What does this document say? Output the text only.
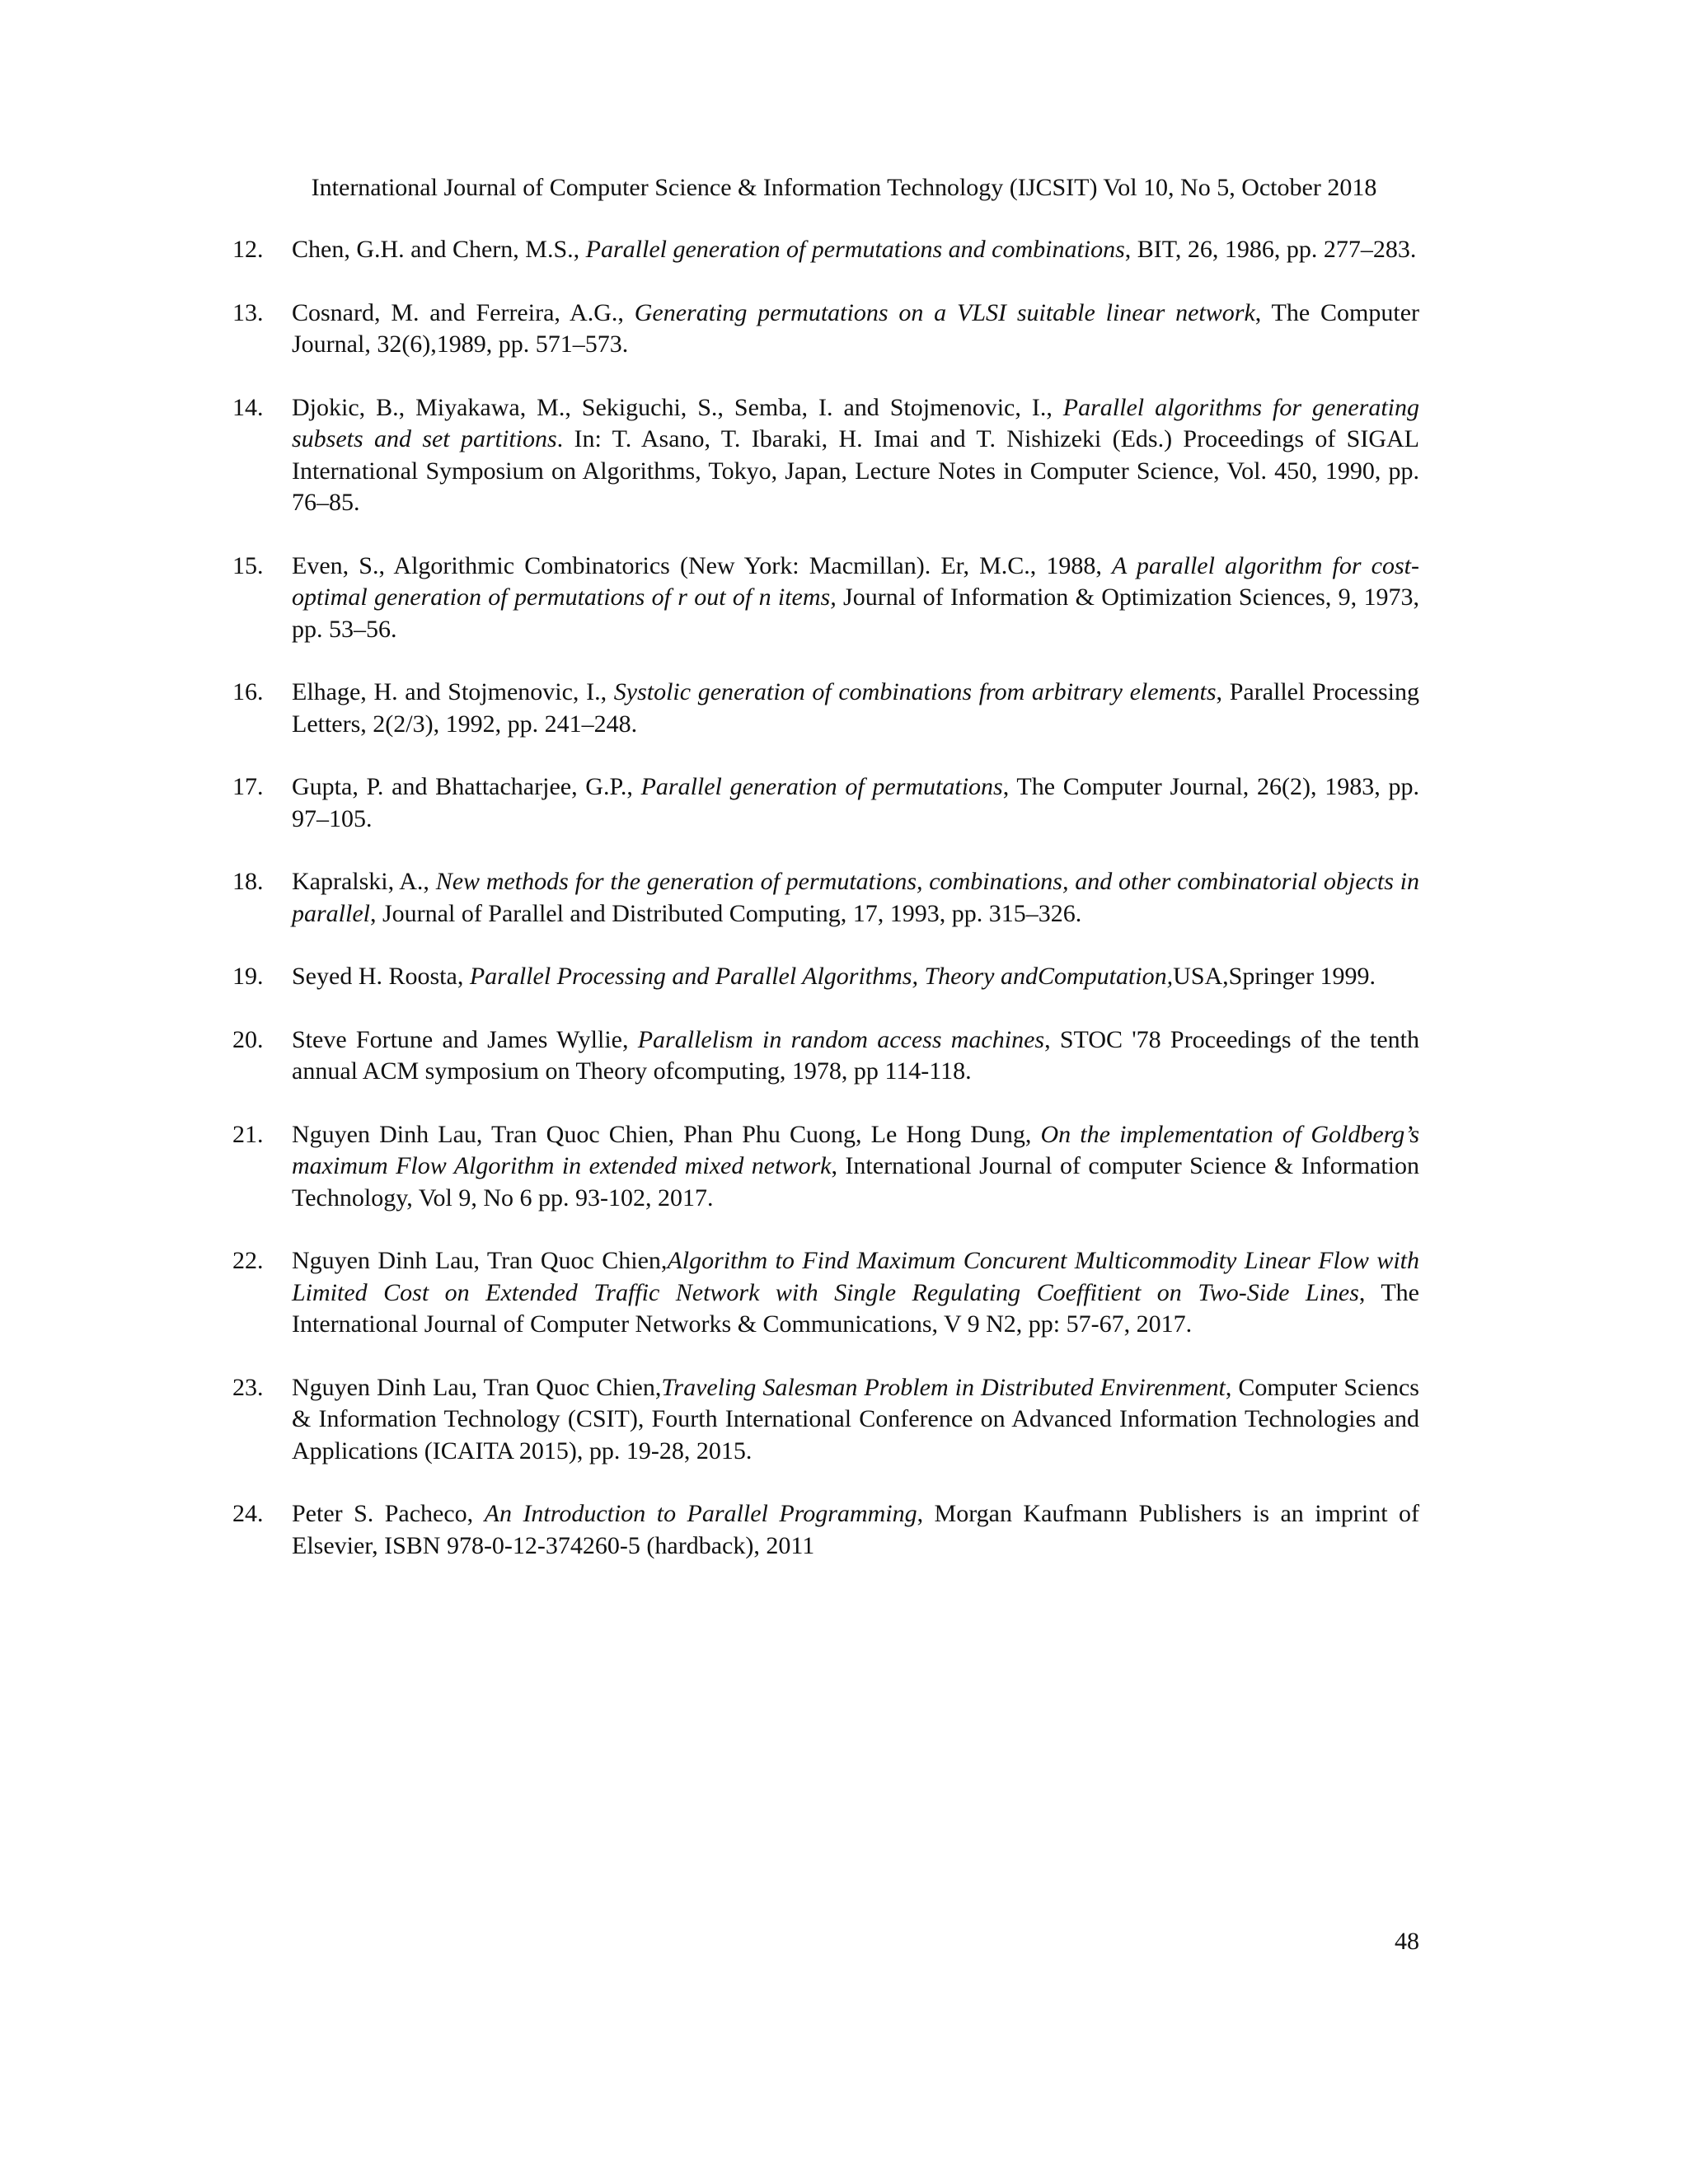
International Journal of Computer Science & Information Technology (IJCSIT) Vol 10, No 5, October 2018
12. Chen, G.H. and Chern, M.S., Parallel generation of permutations and combinations, BIT, 26, 1986, pp. 277–283.
13. Cosnard, M. and Ferreira, A.G., Generating permutations on a VLSI suitable linear network, The Computer Journal, 32(6),1989, pp. 571–573.
14. Djokic, B., Miyakawa, M., Sekiguchi, S., Semba, I. and Stojmenovic, I., Parallel algorithms for generating subsets and set partitions. In: T. Asano, T. Ibaraki, H. Imai and T. Nishizeki (Eds.) Proceedings of SIGAL International Symposium on Algorithms, Tokyo, Japan, Lecture Notes in Computer Science, Vol. 450, 1990, pp. 76–85.
15. Even, S., Algorithmic Combinatorics (New York: Macmillan). Er, M.C., 1988, A parallel algorithm for cost-optimal generation of permutations of r out of n items, Journal of Information & Optimization Sciences, 9, 1973, pp. 53–56.
16. Elhage, H. and Stojmenovic, I., Systolic generation of combinations from arbitrary elements, Parallel Processing Letters, 2(2/3), 1992, pp. 241–248.
17. Gupta, P. and Bhattacharjee, G.P., Parallel generation of permutations, The Computer Journal, 26(2), 1983, pp. 97–105.
18. Kapralski, A., New methods for the generation of permutations, combinations, and other combinatorial objects in parallel, Journal of Parallel and Distributed Computing, 17, 1993, pp. 315–326.
19. Seyed H. Roosta, Parallel Processing and Parallel Algorithms, Theory andComputation,USA,Springer 1999.
20. Steve Fortune and James Wyllie, Parallelism in random access machines, STOC '78 Proceedings of the tenth annual ACM symposium on Theory ofcomputing, 1978, pp 114-118.
21. Nguyen Dinh Lau, Tran Quoc Chien, Phan Phu Cuong, Le Hong Dung, On the implementation of Goldberg’s maximum Flow Algorithm in extended mixed network, International Journal of computer Science & Information Technology, Vol 9, No 6 pp. 93-102, 2017.
22. Nguyen Dinh Lau, Tran Quoc Chien,Algorithm to Find Maximum Concurent Multicommodity Linear Flow with Limited Cost on Extended Traffic Network with Single Regulating Coeffitient on Two-Side Lines, The International Journal of Computer Networks & Communications, V 9 N2, pp: 57-67, 2017.
23. Nguyen Dinh Lau, Tran Quoc Chien,Traveling Salesman Problem in Distributed Envirenment, Computer Sciencs & Information Technology (CSIT), Fourth International Conference on Advanced Information Technologies and Applications (ICAITA 2015), pp. 19-28, 2015.
24. Peter S. Pacheco, An Introduction to Parallel Programming, Morgan Kaufmann Publishers is an imprint of Elsevier, ISBN 978-0-12-374260-5 (hardback), 2011
48
